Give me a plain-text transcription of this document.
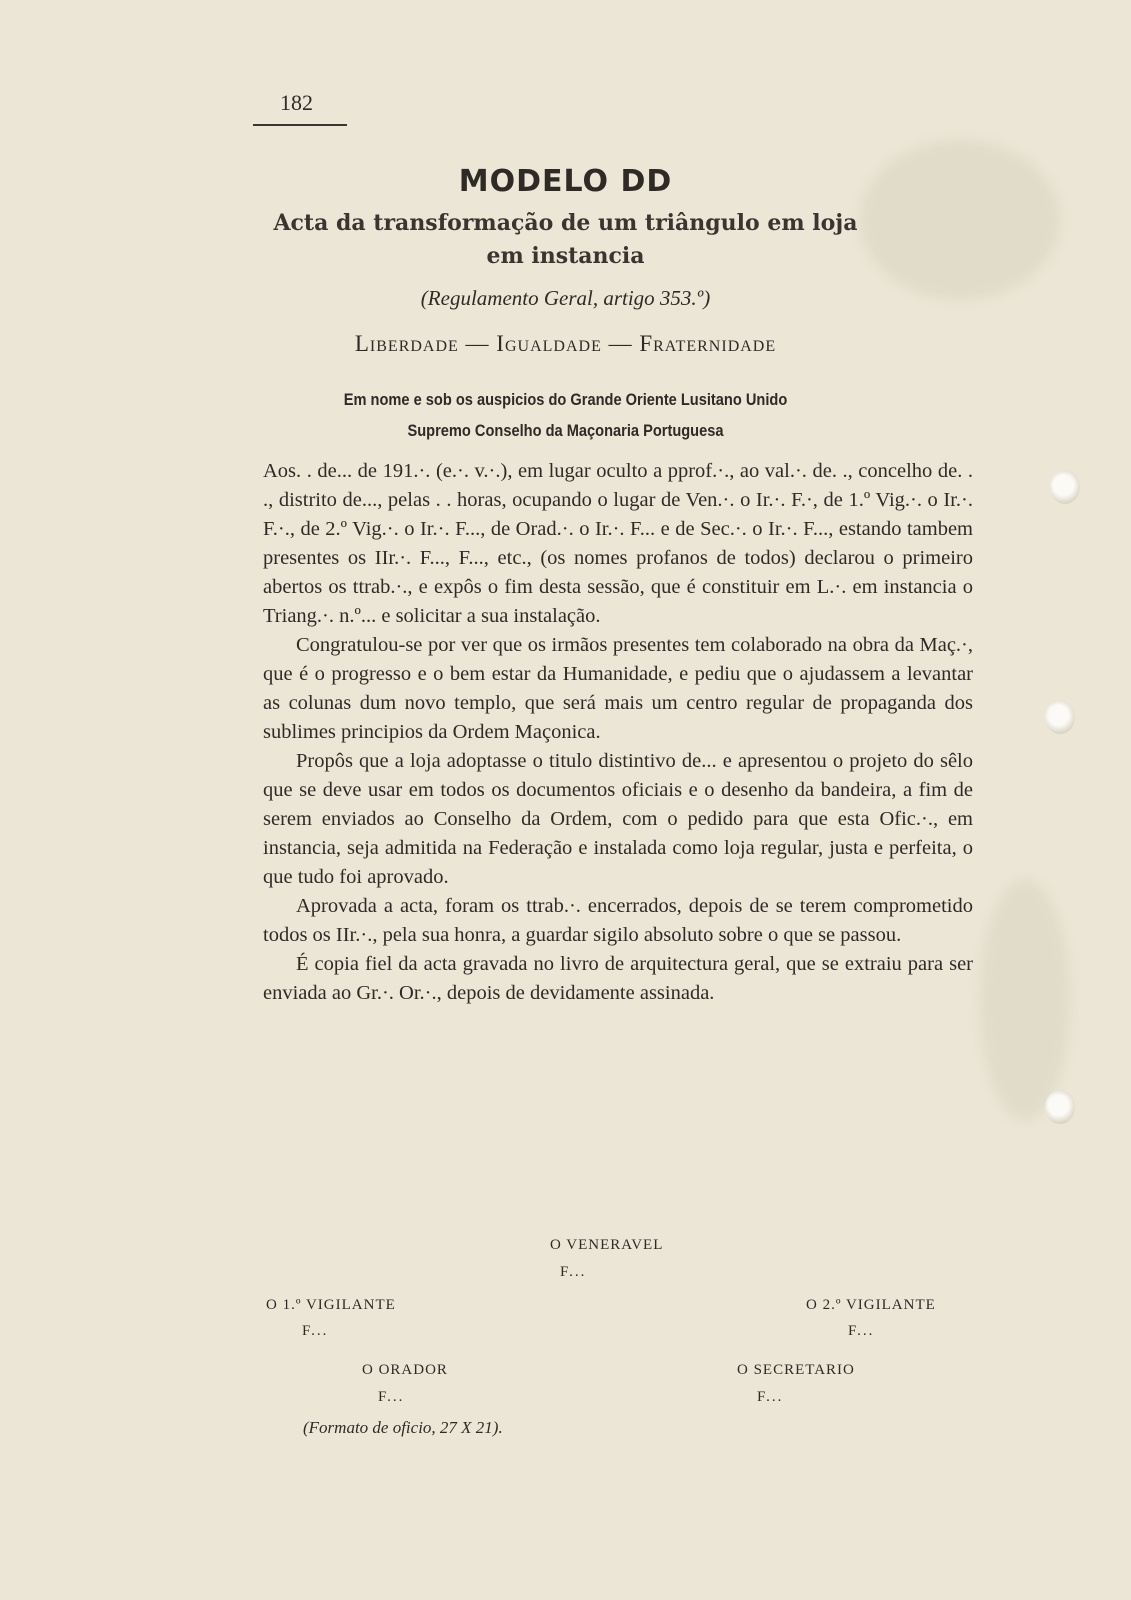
182
MODELO DD
Acta da transformação de um triângulo em loja
em instancia
(Regulamento Geral, artigo 353.º)
Liberdade — Igualdade — Fraternidade
Em nome e sob os auspicios do Grande Oriente Lusitano Unido
Supremo Conselho da Maçonaria Portuguesa

Aos. . de... de 191.·. (e.·. v.·.), em lugar oculto a pprof.·., ao val.·. de. ., concelho de. . ., distrito de..., pelas . . horas, ocupando o lugar de Ven.·. o Ir.·. F.·, de 1.º Vig.·. o Ir.·. F.·., de 2.º Vig.·. o Ir.·. F..., de Orad.·. o Ir.·. F... e de Sec.·. o Ir.·. F..., estando tambem presentes os IIr.·. F..., F..., etc., (os nomes profanos de todos) declarou o primeiro abertos os ttrab.·., e expôs o fim desta sessão, que é constituir em L.·. em instancia o Triang.·. n.º... e solicitar a sua instalação.

Congratulou-se por ver que os irmãos presentes tem colaborado na obra da Maç.·, que é o progresso e o bem estar da Humanidade, e pediu que o ajudassem a levantar as colunas dum novo templo, que será mais um centro regular de propaganda dos sublimes principios da Ordem Maçonica.

Propôs que a loja adoptasse o titulo distintivo de... e apresentou o projeto do sêlo que se deve usar em todos os documentos oficiais e o desenho da bandeira, a fim de serem enviados ao Conselho da Ordem, com o pedido para que esta Ofic.·., em instancia, seja admitida na Federação e instalada como loja regular, justa e perfeita, o que tudo foi aprovado.

Aprovada a acta, foram os ttrab.·. encerrados, depois de se terem comprometido todos os IIr.·., pela sua honra, a guardar sigilo absoluto sobre o que se passou.

É copia fiel da acta gravada no livro de arquitectura geral, que se extraiu para ser enviada ao Gr.·. Or.·., depois de devidamente assinada.

O VENERAVEL
F...
O 1.º VIGILANTE
F...
O 2.º VIGILANTE
F...
O ORADOR
F...
O SECRETARIO
F...
(Formato de oficio, 27 X 21).
